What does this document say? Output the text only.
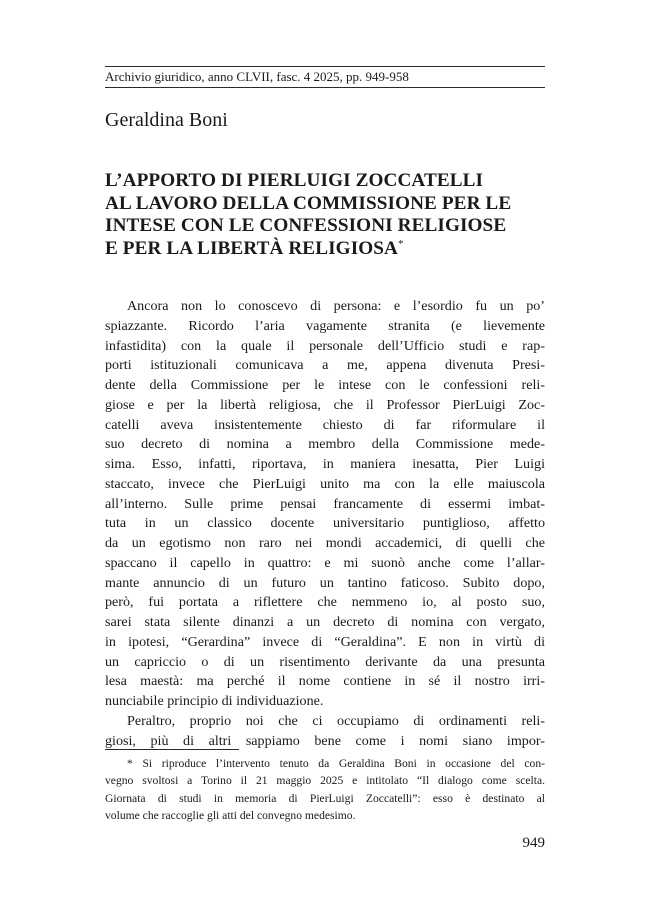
Archivio giuridico, anno CLVII, fasc. 4 2025, pp. 949-958
Geraldina Boni
L’APPORTO DI PIERLUIGI ZOCCATELLI
AL LAVORO DELLA COMMISSIONE PER LE
INTESE CON LE CONFESSIONI RELIGIOSE
E PER LA LIBERTÀ RELIGIOSA*
Ancora non lo conoscevo di persona: e l’esordio fu un po’
spiazzante. Ricordo l’aria vagamente stranita (e lievemente
infastidita) con la quale il personale dell’Ufficio studi e rap-
porti istituzionali comunicava a me, appena divenuta Presi-
dente della Commissione per le intese con le confessioni reli-
giose e per la libertà religiosa, che il Professor PierLuigi Zoc-
catelli aveva insistentemente chiesto di far riformulare il
suo decreto di nomina a membro della Commissione mede-
sima. Esso, infatti, riportava, in maniera inesatta, Pier Luigi
staccato, invece che PierLuigi unito ma con la elle maiuscola
all’interno. Sulle prime pensai francamente di essermi imbat-
tuta in un classico docente universitario puntiglioso, affetto
da un egotismo non raro nei mondi accademici, di quelli che
spaccano il capello in quattro: e mi suonò anche come l’allar-
mante annuncio di un futuro un tantino faticoso. Subito dopo,
però, fui portata a riflettere che nemmeno io, al posto suo,
sarei stata silente dinanzi a un decreto di nomina con vergato,
in ipotesi, “Gerardina” invece di “Geraldina”. E non in virtù di
un capriccio o di un risentimento derivante da una presunta
lesa maestà: ma perché il nome contiene in sé il nostro irri-
nunciabile principio di individuazione.
Peraltro, proprio noi che ci occupiamo di ordinamenti reli-
giosi, più di altri sappiamo bene come i nomi siano impor-
* Si riproduce l’intervento tenuto da Geraldina Boni in occasione del con-
vegno svoltosi a Torino il 21 maggio 2025 e intitolato “Il dialogo come scelta.
Giornata di studi in memoria di PierLuigi Zoccatelli”: esso è destinato al
volume che raccoglie gli atti del convegno medesimo.
949
